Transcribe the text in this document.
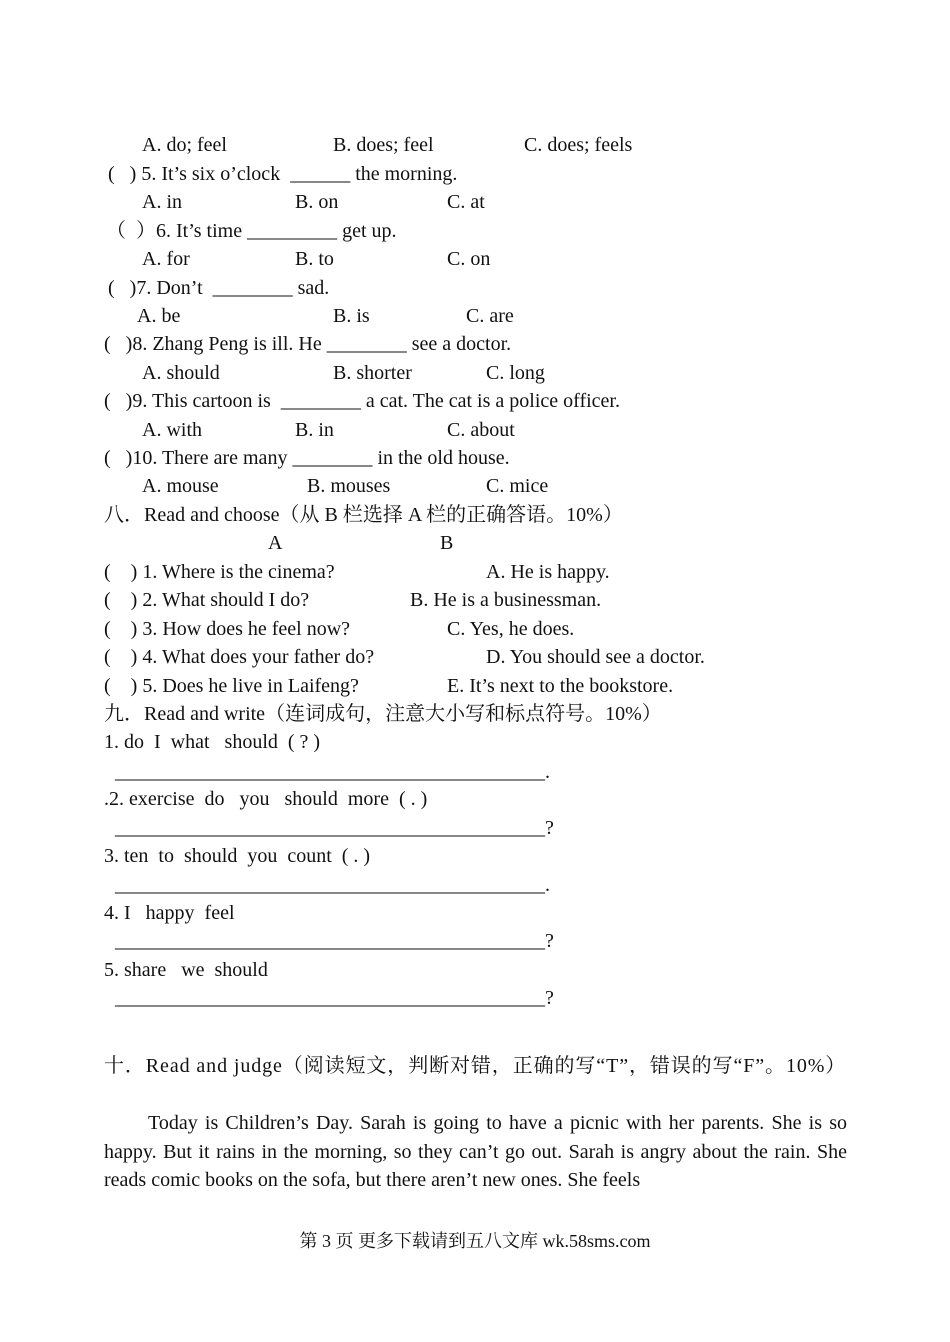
A. do; feel

	B. does; feel

	C. does; feels

(   ) 5. It’s six o’clock  ______ the morning.

A. in

	B. on

	C. at

（  ）6. It’s time _________ get up.

A. for

	B. to

	C. on

(   )7. Don’t  ________ sad.

A. be

	B. is

	C. are

(   )8. Zhang Peng is ill. He ________ see a doctor.

A. should

	B. shorter

	C. long

(   )9. This cartoon is  ________ a cat. The cat is a police officer.

A. with

	B. in

	C. about

(   )10. There are many ________ in the old house.

A. mouse

	B. mouses

	C. mice

八．Read and choose（从 B 栏选择 A 栏的正确答语。10%）

A

	B

(    ) 1. Where is the cinema?

	A. He is happy.

(    ) 2. What should I do?

	B. He is a businessman.

(    ) 3. How does he feel now?

	C. Yes, he does.

(    ) 4. What does your father do?

	D. You should see a doctor.

(    ) 5. Does he live in Laifeng?

	E. It’s next to the bookstore.

九．Read and write（连词成句，注意大小写和标点符号。10%）
1. do  I  what   should  ( ? )
___________________________________________.
.2. exercise  do   you   should  more  ( . )
___________________________________________?
3. ten  to  should  you  count  ( . )
___________________________________________.
4. I   happy  feel
___________________________________________?
5. share   we  should
___________________________________________?
十．Read and judge（阅读短文，判断对错，正确的写“T”，错误的写“F”。10%）
Today is Children’s Day. Sarah is going to have a picnic with her parents. She is so happy. But it rains in the morning, so they can’t go out. Sarah is angry about the rain. She reads comic books on the sofa, but there aren’t new ones. She feels
第 3 页 更多下载请到五八文库 wk.58sms.com
